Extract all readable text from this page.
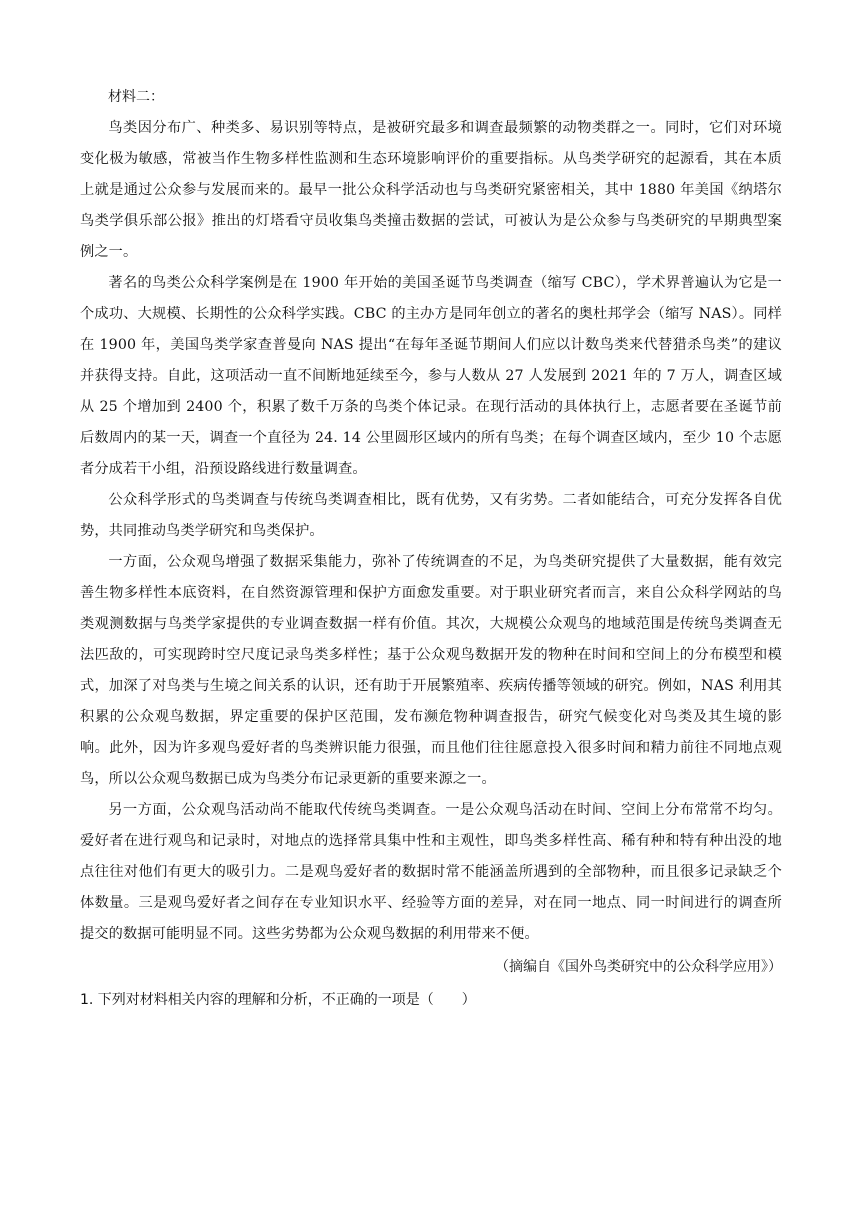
材料二：

鸟类因分布广、种类多、易识别等特点，是被研究最多和调查最频繁的动物类群之一。同时，它们对环境变化极为敏感，常被当作生物多样性监测和生态环境影响评价的重要指标。从鸟类学研究的起源看，其在本质上就是通过公众参与发展而来的。最早一批公众科学活动也与鸟类研究紧密相关，其中 1880 年美国《纳塔尔鸟类学俱乐部公报》推出的灯塔看守员收集鸟类撞击数据的尝试，可被认为是公众参与鸟类研究的早期典型案例之一。

著名的鸟类公众科学案例是在 1900 年开始的美国圣诞节鸟类调查（缩写 CBC），学术界普遍认为它是一个成功、大规模、长期性的公众科学实践。CBC 的主办方是同年创立的著名的奥杜邦学会（缩写 NAS）。同样在 1900 年，美国鸟类学家查普曼向 NAS 提出“在每年圣诞节期间人们应以计数鸟类来代替猎杀鸟类”的建议并获得支持。自此，这项活动一直不间断地延续至今，参与人数从 27 人发展到 2021 年的 7 万人，调查区域从 25 个增加到 2400 个，积累了数千万条的鸟类个体记录。在现行活动的具体执行上，志愿者要在圣诞节前后数周内的某一天，调查一个直径为 24. 14 公里圆形区域内的所有鸟类；在每个调查区域内，至少 10 个志愿者分成若干小组，沿预设路线进行数量调查。

公众科学形式的鸟类调查与传统鸟类调查相比，既有优势，又有劣势。二者如能结合，可充分发挥各自优势，共同推动鸟类学研究和鸟类保护。

一方面，公众观鸟增强了数据采集能力，弥补了传统调查的不足，为鸟类研究提供了大量数据，能有效完善生物多样性本底资料，在自然资源管理和保护方面愈发重要。对于职业研究者而言，来自公众科学网站的鸟类观测数据与鸟类学家提供的专业调查数据一样有价值。其次，大规模公众观鸟的地域范围是传统鸟类调查无法匹敌的，可实现跨时空尺度记录鸟类多样性；基于公众观鸟数据开发的物种在时间和空间上的分布模型和模式，加深了对鸟类与生境之间关系的认识，还有助于开展繁殖率、疾病传播等领域的研究。例如，NAS 利用其积累的公众观鸟数据，界定重要的保护区范围，发布濒危物种调查报告，研究气候变化对鸟类及其生境的影响。此外，因为许多观鸟爱好者的鸟类辨识能力很强，而且他们往往愿意投入很多时间和精力前往不同地点观鸟，所以公众观鸟数据已成为鸟类分布记录更新的重要来源之一。

另一方面，公众观鸟活动尚不能取代传统鸟类调查。一是公众观鸟活动在时间、空间上分布常常不均匀。爱好者在进行观鸟和记录时，对地点的选择常具集中性和主观性，即鸟类多样性高、稀有种和特有种出没的地点往往对他们有更大的吸引力。二是观鸟爱好者的数据时常不能涵盖所遇到的全部物种，而且很多记录缺乏个体数量。三是观鸟爱好者之间存在专业知识水平、经验等方面的差异，对在同一地点、同一时间进行的调查所提交的数据可能明显不同。这些劣势都为公众观鸟数据的利用带来不便。

（摘编自《国外鸟类研究中的公众科学应用》）

1. 下列对材料相关内容的理解和分析，不正确的一项是（　　）
